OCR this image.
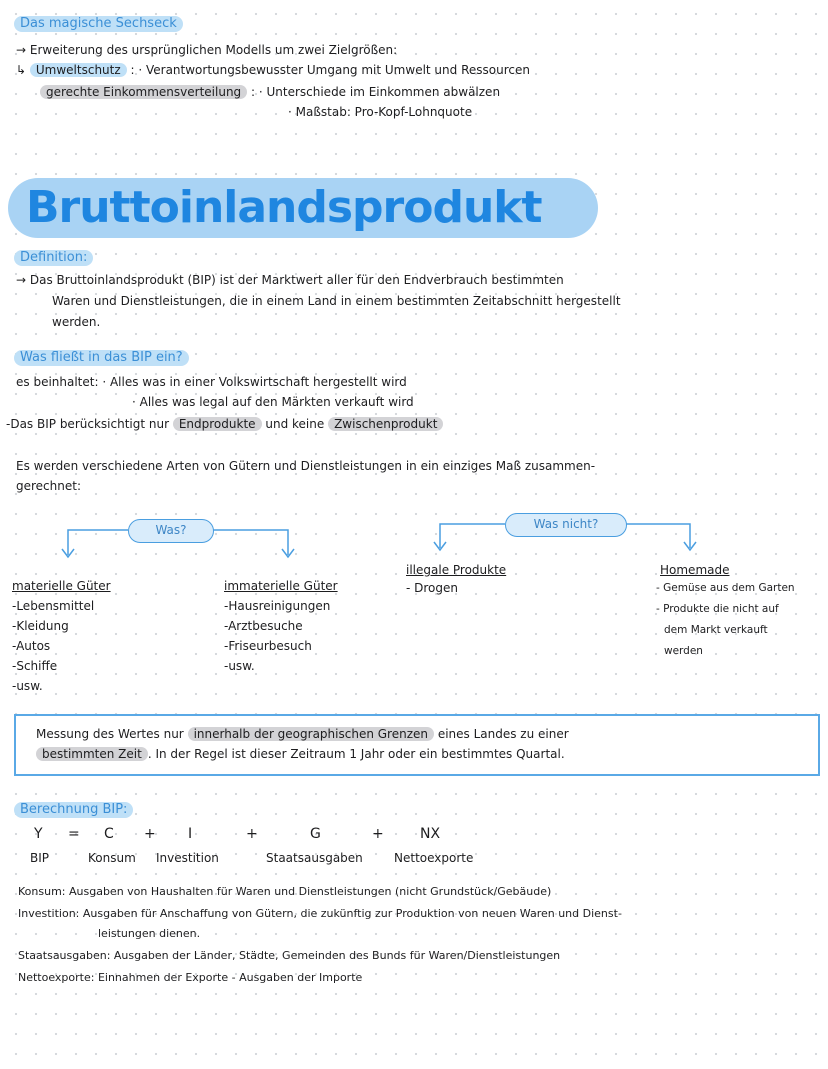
Das magische Sechseck
→ Erweiterung des ursprünglichen Modells um zwei Zielgrößen:
↳ Umweltschutz : · Verantwortungsbewusster Umgang mit Umwelt und Ressourcen
gerechte Einkommensverteilung : · Unterschiede im Einkommen abwälzen
· Maßstab: Pro-Kopf-Lohnquote
Bruttoinlandsprodukt
Definition:
→ Das Bruttoinlandsprodukt (BIP) ist der Marktwert aller für den Endverbrauch bestimmten
Waren und Dienstleistungen, die in einem Land in einem bestimmten Zeitabschnitt hergestellt
werden.
Was fließt in das BIP ein?
es beinhaltet: · Alles was in einer Volkswirtschaft hergestellt wird
· Alles was legal auf den Märkten verkauft wird
-Das BIP berücksichtigt nur Endprodukte und keine Zwischenprodukt
Es werden verschiedene Arten von Gütern und Dienstleistungen in ein einziges Maß zusammen-
gerechnet:
Was?	Was nicht?
materielle Güter
-Lebensmittel
-Kleidung
-Autos
-Schiffe
-usw.
immaterielle Güter
-Hausreinigungen
-Arztbesuche
-Friseurbesuch
-usw.
illegale Produkte
- Drogen
Homemade
- Gemüse aus dem Garten
- Produkte die nicht auf
dem Markt verkauft
werden
Messung des Wertes nur innerhalb der geographischen Grenzen eines Landes zu einer
bestimmten Zeit . In der Regel ist dieser Zeitraum 1 Jahr oder ein bestimmtes Quartal.
Berechnung BIP:
Y = C + I	+	G	+	NX
BIP	Konsum Investition	Staatsausgaben	Nettoexporte
Konsum: Ausgaben von Haushalten für Waren und Dienstleistungen (nicht Grundstück/Gebäude)
Investition: Ausgaben für Anschaffung von Gütern, die zukünftig zur Produktion von neuen Waren und Dienst-
leistungen dienen.
Staatsausgaben: Ausgaben der Länder, Städte, Gemeinden des Bunds für Waren/Dienstleistungen
Nettoexporte: Einnahmen der Exporte - Ausgaben der Importe
